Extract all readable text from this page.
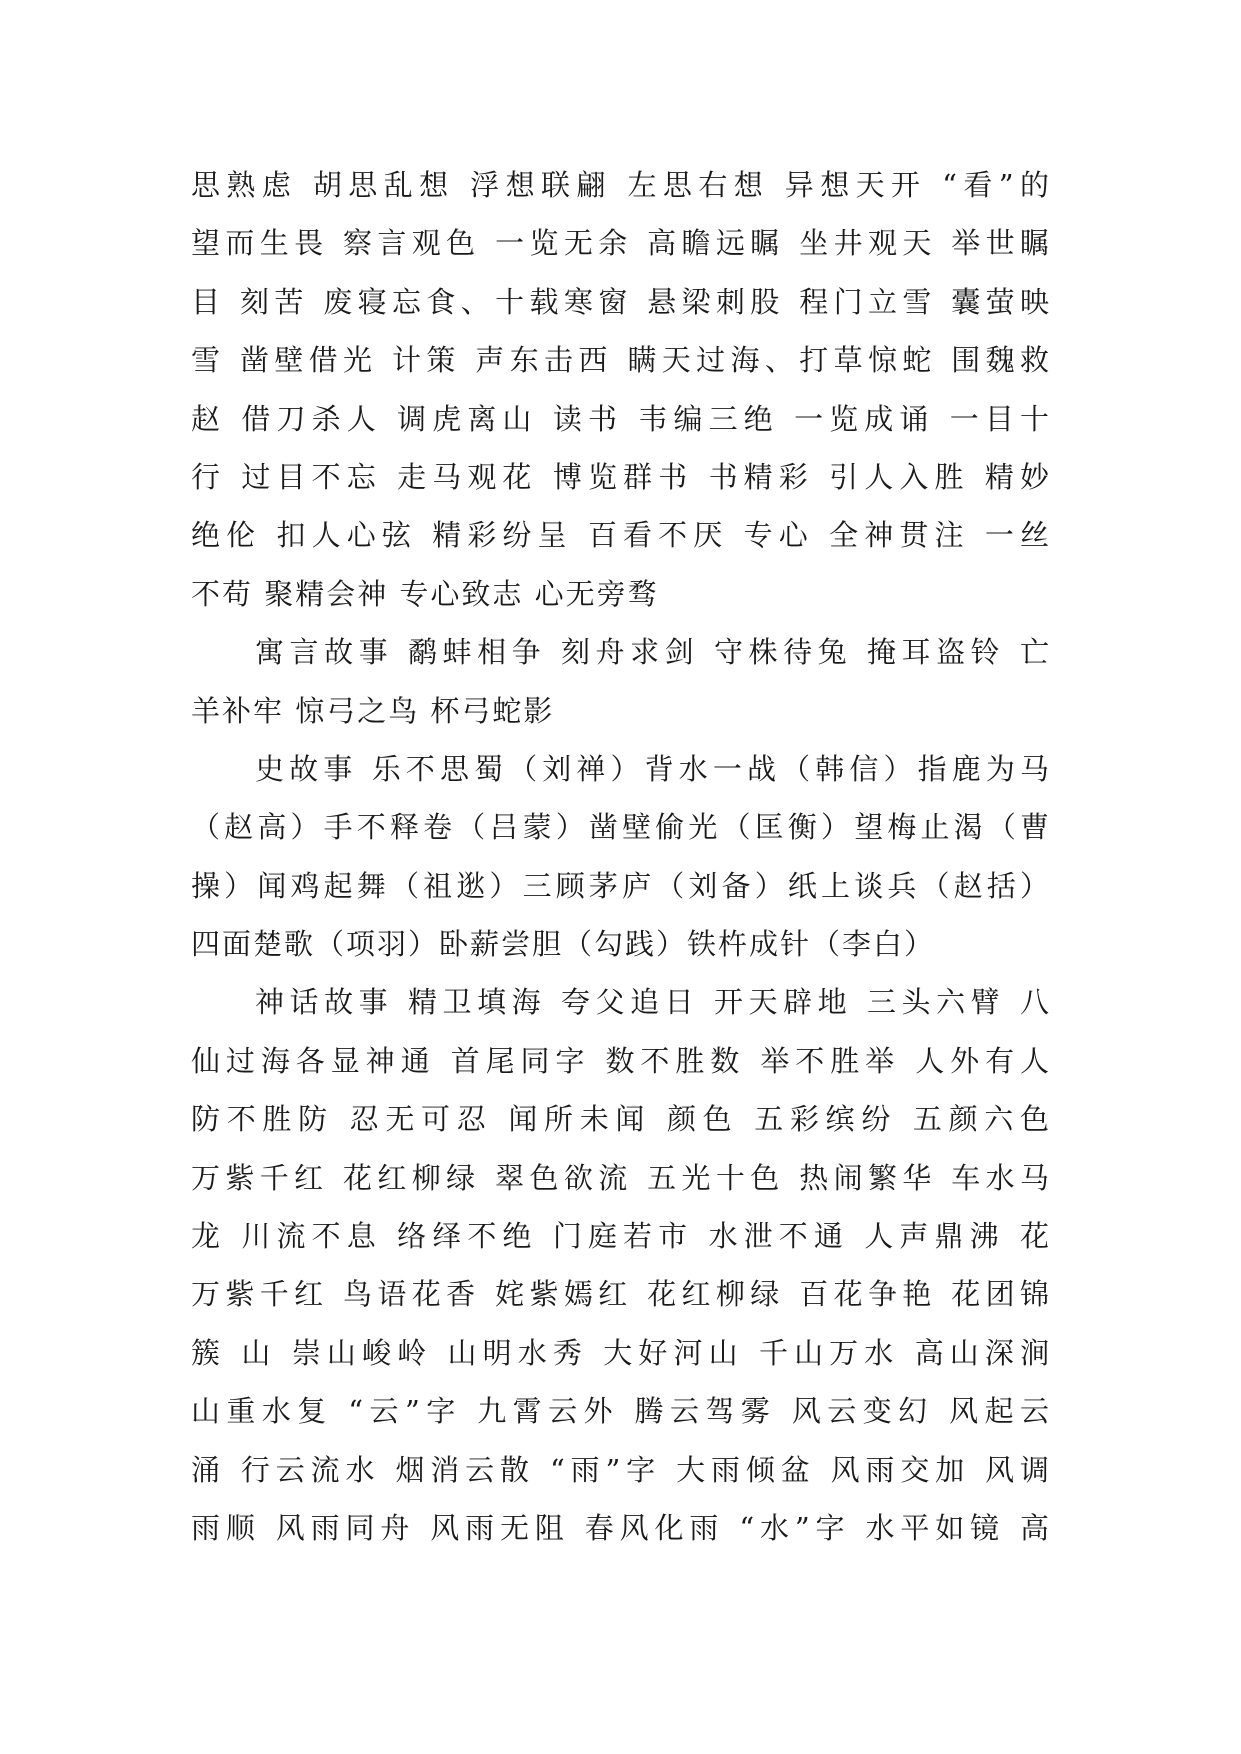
思熟虑 胡思乱想 浮想联翩 左思右想 异想天开 “看”的
望而生畏 察言观色 一览无余 高瞻远瞩 坐井观天 举世瞩
目 刻苦 废寝忘食、十载寒窗 悬梁刺股 程门立雪 囊萤映
雪 凿壁借光 计策 声东击西 瞒天过海、打草惊蛇 围魏救
赵 借刀杀人 调虎离山 读书 韦编三绝 一览成诵 一目十
行 过目不忘 走马观花 博览群书 书精彩 引人入胜 精妙
绝伦 扣人心弦 精彩纷呈 百看不厌 专心 全神贯注 一丝
不苟 聚精会神 专心致志 心无旁骛
寓言故事 鹬蚌相争 刻舟求剑 守株待兔 掩耳盗铃 亡
羊补牢 惊弓之鸟 杯弓蛇影
史故事 乐不思蜀（刘禅）背水一战（韩信）指鹿为马
（赵高）手不释卷（吕蒙）凿壁偷光（匡衡）望梅止渴（曹
操）闻鸡起舞（祖逖）三顾茅庐（刘备）纸上谈兵（赵括）
四面楚歌（项羽）卧薪尝胆（勾践）铁杵成针（李白）
神话故事 精卫填海 夸父追日 开天辟地 三头六臂 八
仙过海各显神通 首尾同字 数不胜数 举不胜举 人外有人
防不胜防 忍无可忍 闻所未闻 颜色 五彩缤纷 五颜六色
万紫千红 花红柳绿 翠色欲流 五光十色 热闹繁华 车水马
龙 川流不息 络绎不绝 门庭若市 水泄不通 人声鼎沸 花
万紫千红 鸟语花香 姹紫嫣红 花红柳绿 百花争艳 花团锦
簇 山 崇山峻岭 山明水秀 大好河山 千山万水 高山深涧
山重水复 “云”字 九霄云外 腾云驾雾 风云变幻 风起云
涌 行云流水 烟消云散 “雨”字 大雨倾盆 风雨交加 风调
雨顺 风雨同舟 风雨无阻 春风化雨 “水”字 水平如镜 高
